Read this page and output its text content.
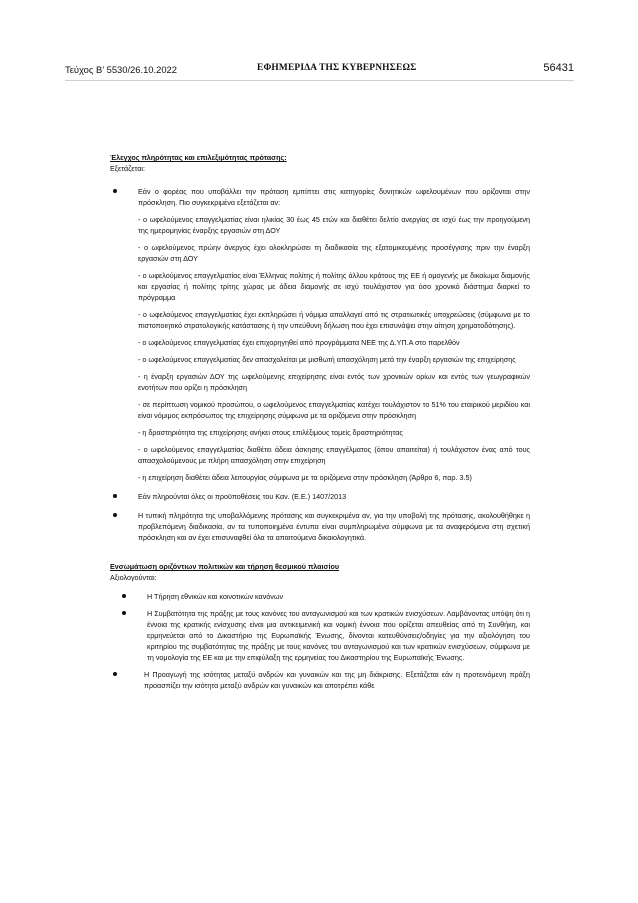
Τεύχος B’ 5530/26.10.2022	ΕΦΗΜΕΡΙΔΑ ΤΗΣ ΚΥΒΕΡΝΗΣΕΩΣ	56431

Έλεγχος πληρότητας και επιλεξιμότητας πρότασης:

Εξετάζεται:

Εάν ο φορέας που υποβάλλει την πρόταση εμπίπτει στις κατηγορίες δυνητικών ωφελουμένων που ορίζονται στην πρόσκληση. Πιο συγκεκριμένα εξετάζεται αν:

- ο ωφελούμενος επαγγελματίας είναι ηλικίας 30 έως 45 ετών και διαθέτει δελτίο ανεργίας σε ισχύ έως την προηγούμενη της ημερομηνίας έναρξης εργασιών στη ΔΟΥ

- ο ωφελούμενος πρώην άνεργος έχει ολοκληρώσει τη διαδικασία της εξατομικευμένης προσέγγισης πριν την έναρξη εργασιών στη ΔΟΥ

- ο ωφελούμενος επαγγελματίας είναι Έλληνας πολίτης ή πολίτης άλλου κράτους της ΕΕ ή ομογενής με δικαίωμα διαμονής και εργασίας ή πολίτης τρίτης χώρας με άδεια διαμονής σε ισχύ τουλάχιστον για όσο χρονικό διάστημα διαρκεί το πρόγραμμα

- ο ωφελούμενος επαγγελματίας έχει εκπληρώσει ή νόμιμα απαλλαγεί από τις στρατιωτικές υποχρεώσεις (σύμφωνα με το πιστοποιητικό στρατολογικής κατάστασης ή την υπεύθυνη δήλωση που έχει επισυνάψει στην αίτηση χρηματοδότησης).

- ο ωφελούμενος επαγγελματίας έχει επιχορηγηθεί από προγράμματα ΝΕΕ της Δ.ΥΠ.Α στο παρελθόν

- ο ωφελούμενος επαγγελματίας δεν απασχολείται με μισθωτή απασχόληση μετά την έναρξη εργασιών της επιχείρησης

- η έναρξη εργασιών ΔΟΥ της ωφελούμενης επιχείρησης είναι εντός των χρονικών ορίων και εντός των γεωγραφικών ενοτήτων που ορίζει η πρόσκληση

- σε περίπτωση νομικού προσώπου, ο ωφελούμενος επαγγελματίας κατέχει τουλάχιστον το 51% του εταιρικού μεριδίου και είναι νόμιμος εκπρόσωπος της επιχείρησης σύμφωνα με τα οριζόμενα στην πρόσκληση

- η δραστηριότητα της επιχείρησης ανήκει στους επιλέξιμους τομείς δραστηριότητας

- ο ωφελούμενος επαγγελματίας διαθέτει άδεια άσκησης επαγγέλματος (όπου απαιτείται) ή τουλάχιστον ένας από τους απασχολούμενους με πλήρη απασχόληση στην επιχείρηση

- η επιχείρηση διαθέτει άδεια λειτουργίας σύμφωνα με τα οριζόμενα στην πρόσκληση (Άρθρο 6, παρ. 3.5)

Εάν πληρούνται όλες οι προϋποθέσεις του Καν. (Ε.Ε.) 1407/2013

Η τυπική πληρότητα της υποβαλλόμενης πρότασης και συγκεκριμένα αν, για την υποβολή της πρότασης, ακολουθήθηκε η προβλεπόμενη διαδικασία, αν τα τυποποιημένα έντυπα είναι συμπληρωμένα σύμφωνα με τα αναφερόμενα στη σχετική πρόσκληση και αν έχει επισυναφθεί όλα τα απαιτούμενα δικαιολογητικά.

Ενσωμάτωση οριζόντιων πολιτικών και τήρηση θεσμικού πλαισίου

Αξιολογούνται:

Η Τήρηση εθνικών και κοινοτικών κανόνων

Η Συμβατότητα της πράξης με τους κανόνες του ανταγωνισμού και των κρατικών ενισχύσεων. Λαμβάνοντας υπόψη ότι η έννοια της κρατικής ενίσχυσης είναι μια αντικειμενική και νομική έννοια που ορίζεται απευθείας από τη Συνθήκη, και ερμηνεύεται από το Δικαστήριο της Ευρωπαϊκής Ένωσης, δίνονται κατευθύνσεις/οδηγίες για την αξιολόγηση του κριτηρίου της συμβατότητας της πράξης με τους κανόνες του ανταγωνισμού και των κρατικών ενισχύσεων, σύμφωνα με τη νομολογία της ΕΕ και με την επιφύλαξη της ερμηνείας του Δικαστηρίου της Ευρωπαϊκής Ένωσης.

Η Προαγωγή της ισότητας μεταξύ ανδρών και γυναικών και της μη διάκρισης. Εξετάζεται εάν η προτεινόμενη πράξη προασπίζει την ισότητα μεταξύ ανδρών και γυναικών και αποτρέπει κάθε
